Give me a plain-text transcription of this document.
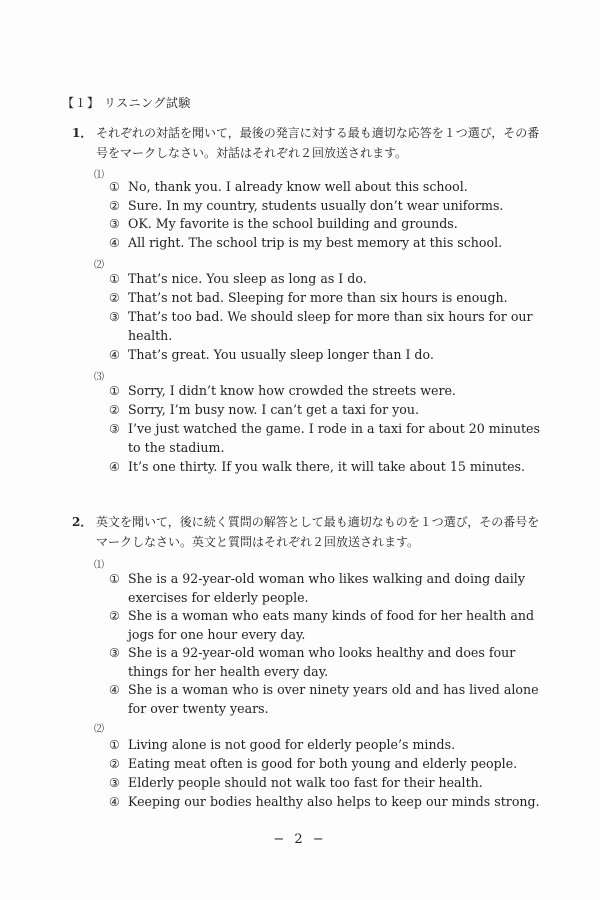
【１】 リスニング試験
1． それぞれの対話を聞いて，最後の発言に対する最も適切な応答を１つ選び，その番号をマークしなさい。対話はそれぞれ２回放送されます。
⑴
① No, thank you. I already know well about this school.
② Sure. In my country, students usually don’t wear uniforms.
③ OK. My favorite is the school building and grounds.
④ All right. The school trip is my best memory at this school.
⑵
① That’s nice. You sleep as long as I do.
② That’s not bad. Sleeping for more than six hours is enough.
③ That’s too bad. We should sleep for more than six hours for our health.
④ That’s great. You usually sleep longer than I do.
⑶
① Sorry, I didn’t know how crowded the streets were.
② Sorry, I’m busy now. I can’t get a taxi for you.
③ I’ve just watched the game. I rode in a taxi for about 20 minutes to the stadium.
④ It’s one thirty. If you walk there, it will take about 15 minutes.
2． 英文を聞いて，後に続く質問の解答として最も適切なものを１つ選び，その番号をマークしなさい。英文と質問はそれぞれ２回放送されます。
⑴
① She is a 92-year-old woman who likes walking and doing daily exercises for elderly people.
② She is a woman who eats many kinds of food for her health and jogs for one hour every day.
③ She is a 92-year-old woman who looks healthy and does four things for her health every day.
④ She is a woman who is over ninety years old and has lived alone for over twenty years.
⑵
① Living alone is not good for elderly people’s minds.
② Eating meat often is good for both young and elderly people.
③ Elderly people should not walk too fast for their health.
④ Keeping our bodies healthy also helps to keep our minds strong.
− 2 −
